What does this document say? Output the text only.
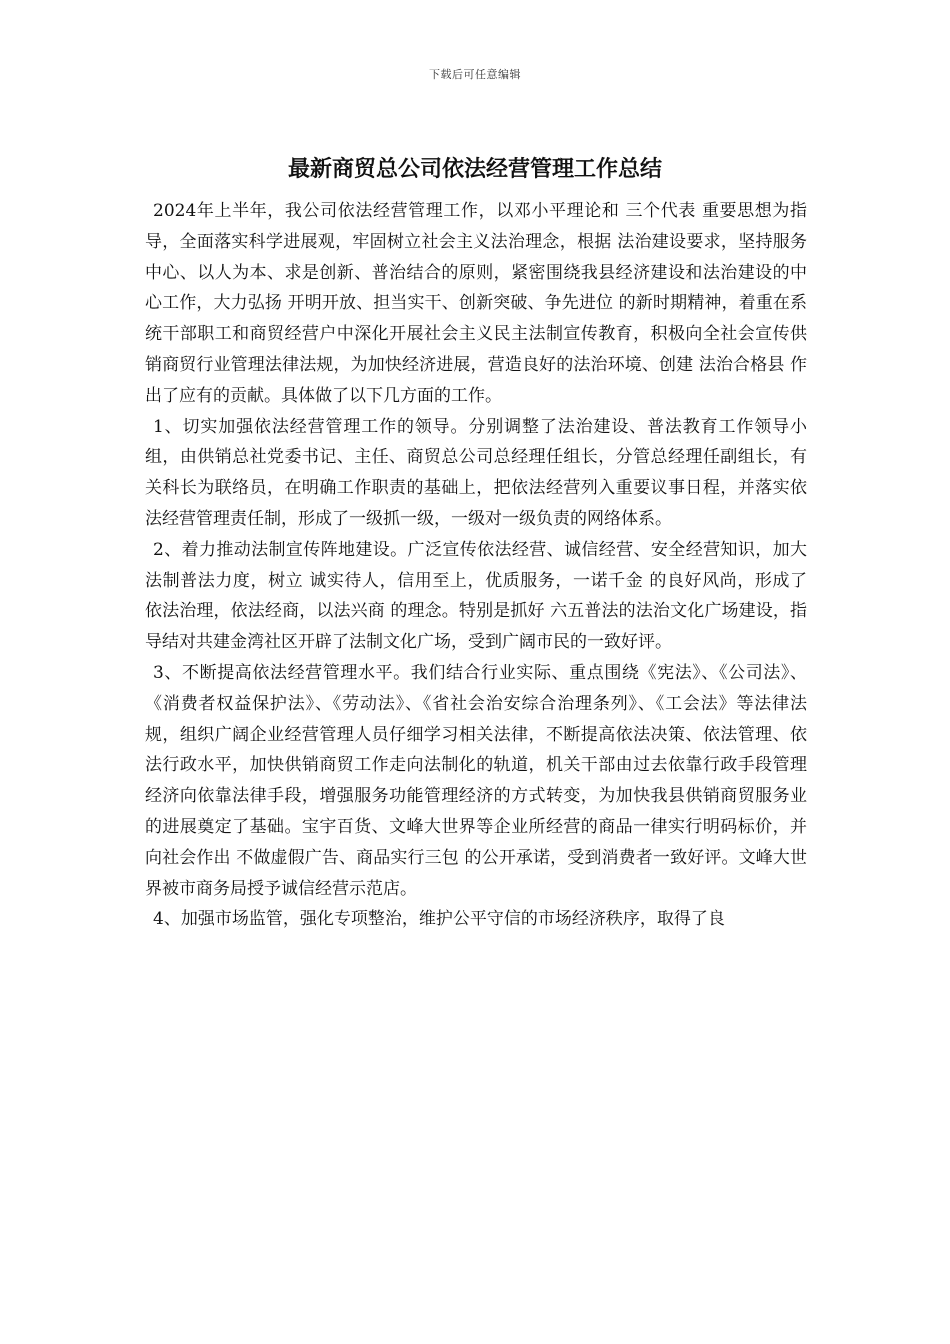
下载后可任意编辑
最新商贸总公司依法经营管理工作总结

2024年上半年，我公司依法经营管理工作，以邓小平理论和 三个代表 重要思想为指导，全面落实科学进展观，牢固树立社会主义法治理念，根据 法治建设要求，坚持服务中心、以人为本、求是创新、普治结合的原则，紧密围绕我县经济建设和法治建设的中心工作，大力弘扬 开明开放、担当实干、创新突破、争先进位 的新时期精神，着重在系统干部职工和商贸经营户中深化开展社会主义民主法制宣传教育，积极向全社会宣传供销商贸行业管理法律法规，为加快经济进展，营造良好的法治环境、创建 法治合格县 作出了应有的贡献。具体做了以下几方面的工作。

1、切实加强依法经营管理工作的领导。分别调整了法治建设、普法教育工作领导小组，由供销总社党委书记、主任、商贸总公司总经理任组长，分管总经理任副组长，有关科长为联络员，在明确工作职责的基础上，把依法经营列入重要议事日程，并落实依法经营管理责任制，形成了一级抓一级，一级对一级负责的网络体系。

2、着力推动法制宣传阵地建设。广泛宣传依法经营、诚信经营、安全经营知识，加大法制普法力度，树立 诚实待人，信用至上，优质服务，一诺千金 的良好风尚，形成了 依法治理，依法经商，以法兴商 的理念。特别是抓好 六五普法的法治文化广场建设，指导结对共建金湾社区开辟了法制文化广场，受到广阔市民的一致好评。

3、不断提高依法经营管理水平。我们结合行业实际、重点围绕《宪法》、《公司法》、《消费者权益保护法》、《劳动法》、《省社会治安综合治理条列》、《工会法》等法律法规，组织广阔企业经营管理人员仔细学习相关法律，不断提高依法决策、依法管理、依法行政水平，加快供销商贸工作走向法制化的轨道，机关干部由过去依靠行政手段管理经济向依靠法律手段，增强服务功能管理经济的方式转变，为加快我县供销商贸服务业的进展奠定了基础。宝宇百货、文峰大世界等企业所经营的商品一律实行明码标价，并向社会作出 不做虚假广告、商品实行三包 的公开承诺，受到消费者一致好评。文峰大世界被市商务局授予诚信经营示范店。

4、加强市场监管，强化专项整治，维护公平守信的市场经济秩序，取得了良
